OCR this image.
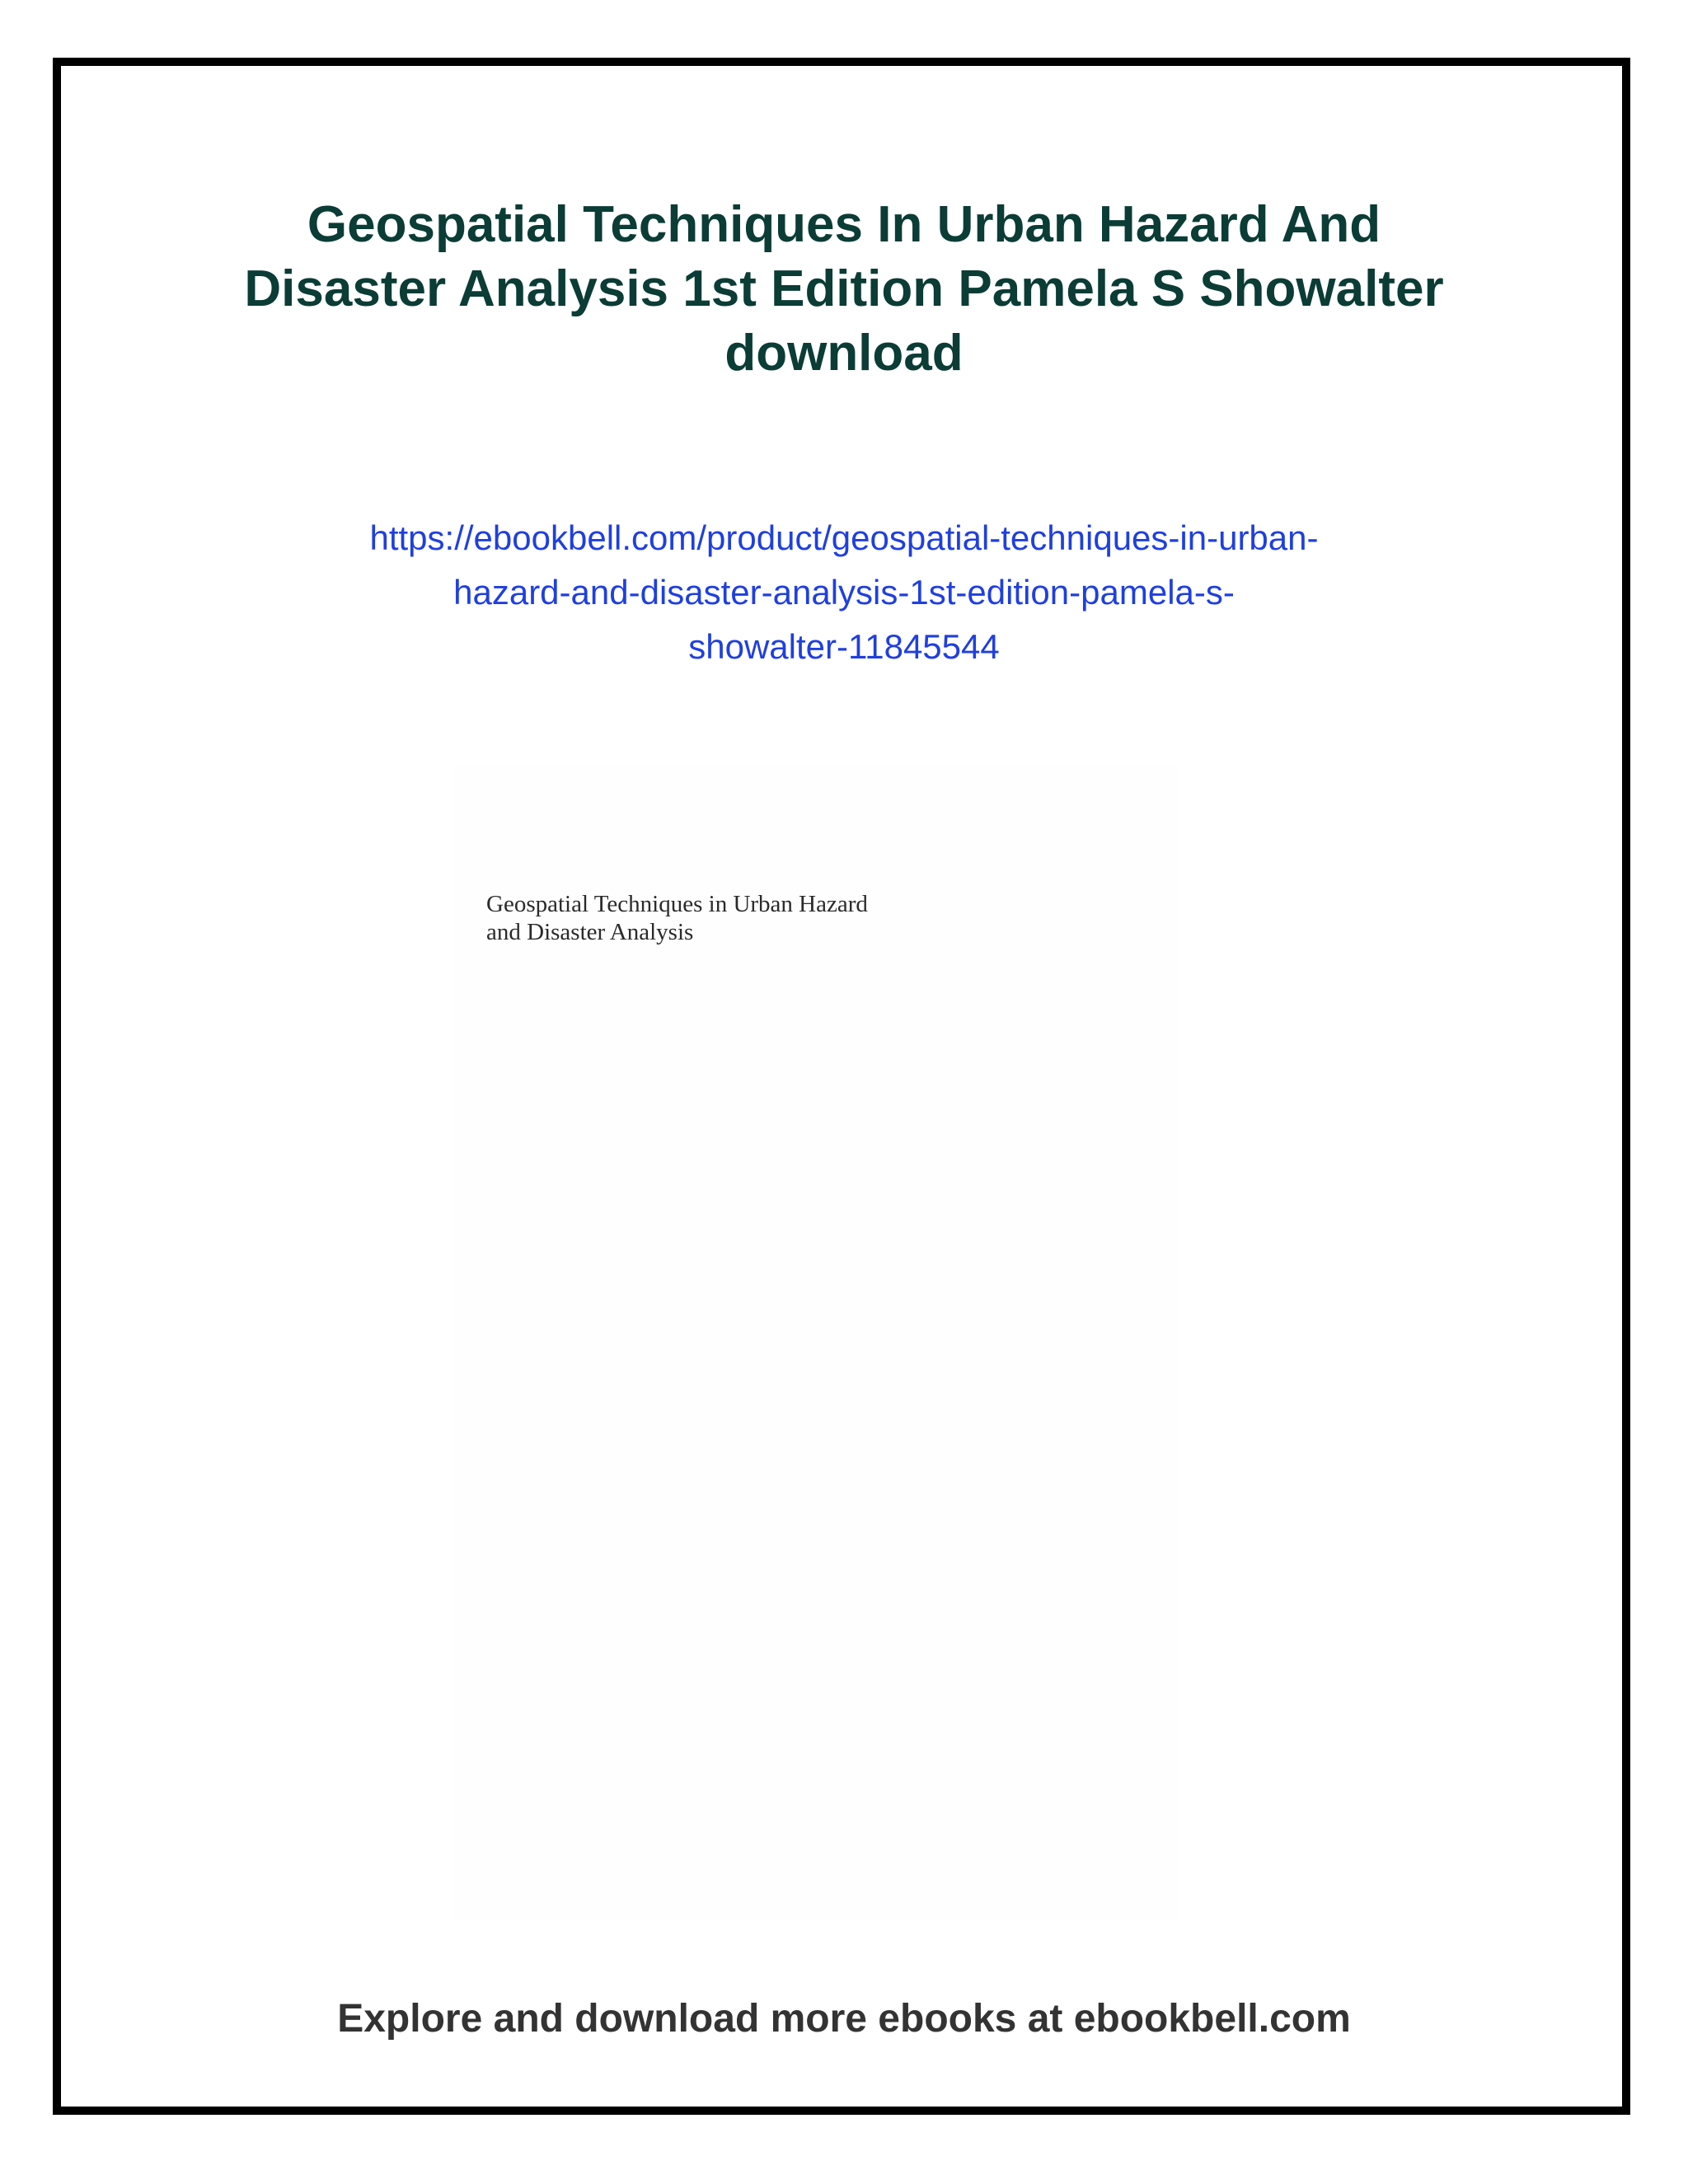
Geospatial Techniques In Urban Hazard And
Disaster Analysis 1st Edition Pamela S Showalter
download
https://ebookbell.com/product/geospatial-techniques-in-urban-
hazard-and-disaster-analysis-1st-edition-pamela-s-
showalter-11845544
Geospatial Techniques in Urban Hazard
and Disaster Analysis
Explore and download more ebooks at ebookbell.com
